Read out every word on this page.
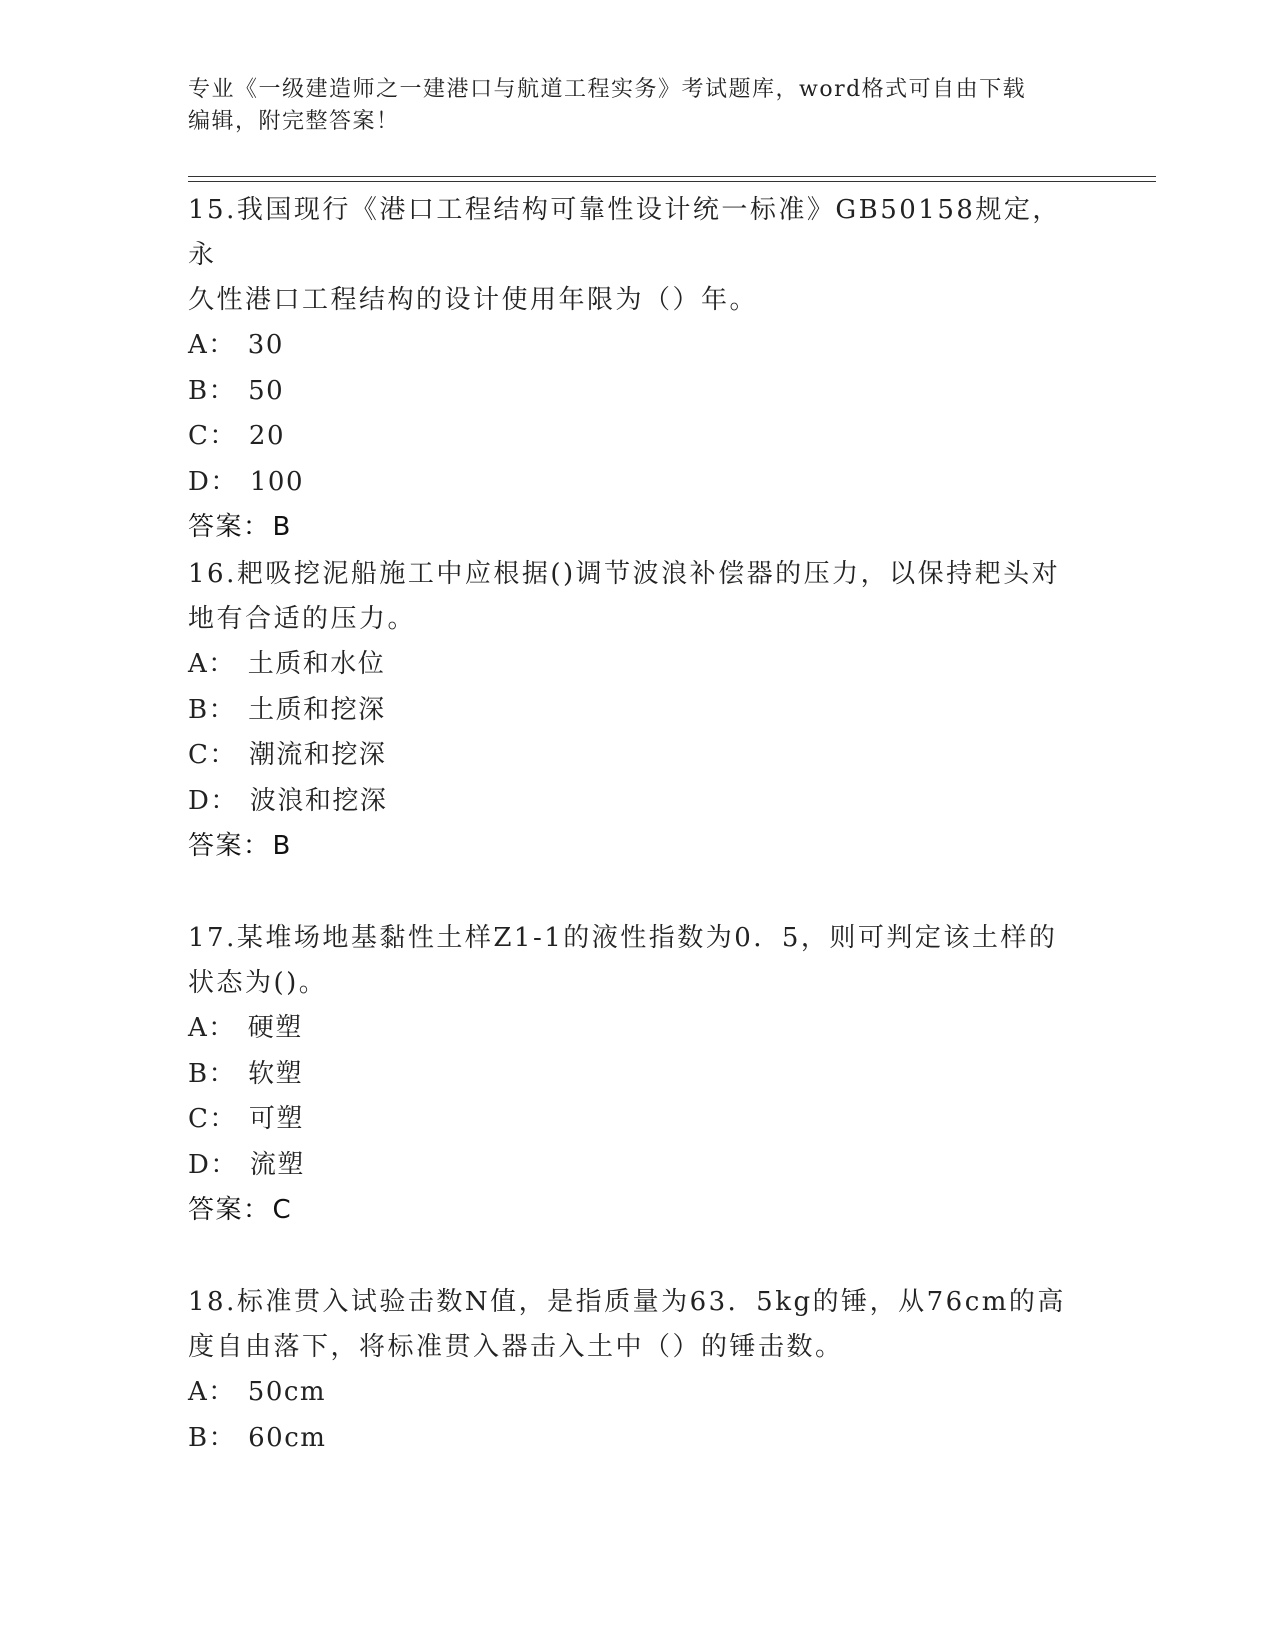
专业《一级建造师之一建港口与航道工程实务》考试题库，word格式可自由下载
编辑，附完整答案！

15.我国现行《港口工程结构可靠性设计统一标准》GB50158规定，永
久性港口工程结构的设计使用年限为（）年。

A： 30
B： 50
C： 20
D： 100
答案：B

16.耙吸挖泥船施工中应根据()调节波浪补偿器的压力，以保持耙头对
地有合适的压力。

A： 土质和水位
B： 土质和挖深
C： 潮流和挖深
D： 波浪和挖深
答案：B

17.某堆场地基黏性土样Z1-1的液性指数为0．5，则可判定该土样的
状态为()。

A： 硬塑
B： 软塑
C： 可塑
D： 流塑
答案：C

18.标准贯入试验击数N值，是指质量为63．5kg的锤，从76cm的高
度自由落下，将标准贯入器击入土中（）的锤击数。

A： 50cm
B： 60cm
